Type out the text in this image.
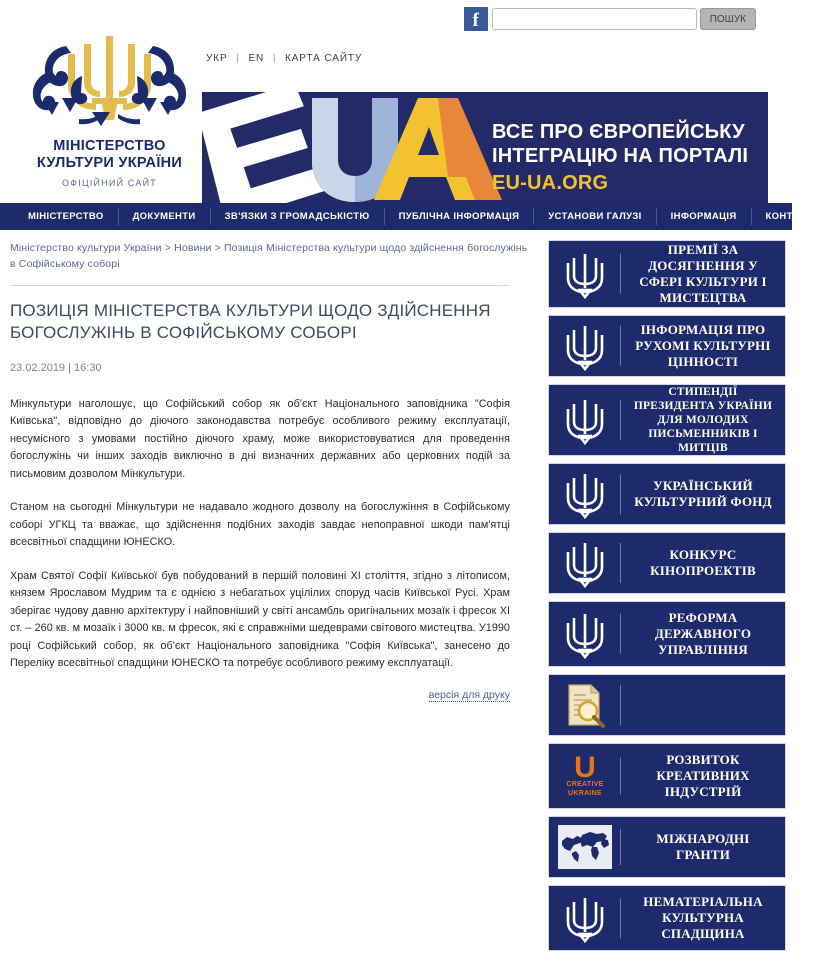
f	ПОШУК
МІНІСТЕРСТВО
КУЛЬТУРИ УКРАЇНИ
ОФІЦІЙНИЙ САЙТ
УКР | EN | КАРТА САЙТУ
ВСЕ ПРО ЄВРОПЕЙСЬКУ
ІНТЕГРАЦІЮ НА ПОРТАЛІ
EU-UA.ORG
МІНІСТЕРСТВО	ДОКУМЕНТИ	ЗВ'ЯЗКИ З ГРОМАДСЬКІСТЮ	ПУБЛІЧНА ІНФОРМАЦІЯ	УСТАНОВИ ГАЛУЗІ	ІНФОРМАЦІЯ	КОНТАКТИ
Міністерство культури України > Новини > Позиція Міністерства культури щодо здійснення богослужінь в Софійському соборі
ПОЗИЦІЯ МІНІСТЕРСТВА КУЛЬТУРИ ЩОДО ЗДІЙСНЕННЯ БОГОСЛУЖІНЬ В СОФІЙСЬКОМУ СОБОРІ
23.02.2019 | 16:30

Мінкультури наголошує, що Софійський собор як об'єкт Національного заповідника "Софія Київська", відповідно до діючого законодавства потребує особливого режиму експлуатації, несумісного з умовами постійно діючого храму, може використовуватися для проведення богослужінь чи інших заходів виключно в дні визначних державних або церковних подій за письмовим дозволом Мінкультури.

Станом на сьогодні Мінкультури не надавало жодного дозволу на богослужіння в Софійському соборі УГКЦ та вважає, що здійснення подібних заходів завдає непоправної шкоди пам'ятці всесвітньої спадщини ЮНЕСКО.

Храм Святої Софії Київської був побудований в першій половині XI століття, згідно з літописом, князем Ярославом Мудрим та є однією з небагатьох уцілілих споруд часів Київської Русі. Храм зберігає чудову давню архітектуру і найповніший у світі ансамбль оригінальних мозаїк і фресок XI ст. – 260 кв. м мозаїк і 3000 кв. м фресок, які є справжніми шедеврами світового мистецтва. У1990 році Софійський собор, як об'єкт Національного заповідника "Софія Київська", занесено до Переліку всесвітньої спадщини ЮНЕСКО та потребує особливого режиму експлуатації.

версія для друку
ПРЕМІЇ ЗА ДОСЯГНЕННЯ У СФЕРІ КУЛЬТУРИ І МИСТЕЦТВА
ІНФОРМАЦІЯ ПРО РУХОМІ КУЛЬТУРНІ ЦІННОСТІ
СТИПЕНДІЇ ПРЕЗИДЕНТА УКРАЇНИ ДЛЯ МОЛОДИХ ПИСЬМЕННИКІВ І МИТЦІВ
УКРАЇНСЬКИЙ КУЛЬТУРНИЙ ФОНД
КОНКУРС КІНОПРОЕКТІВ
РЕФОРМА ДЕРЖАВНОГО УПРАВЛІННЯ
U
CREATIVE
UKRAINE
РОЗВИТОК КРЕАТИВНИХ ІНДУСТРІЙ
МІЖНАРОДНІ ГРАНТИ
НЕМАТЕРІАЛЬНА КУЛЬТУРНА СПАДЩИНА
